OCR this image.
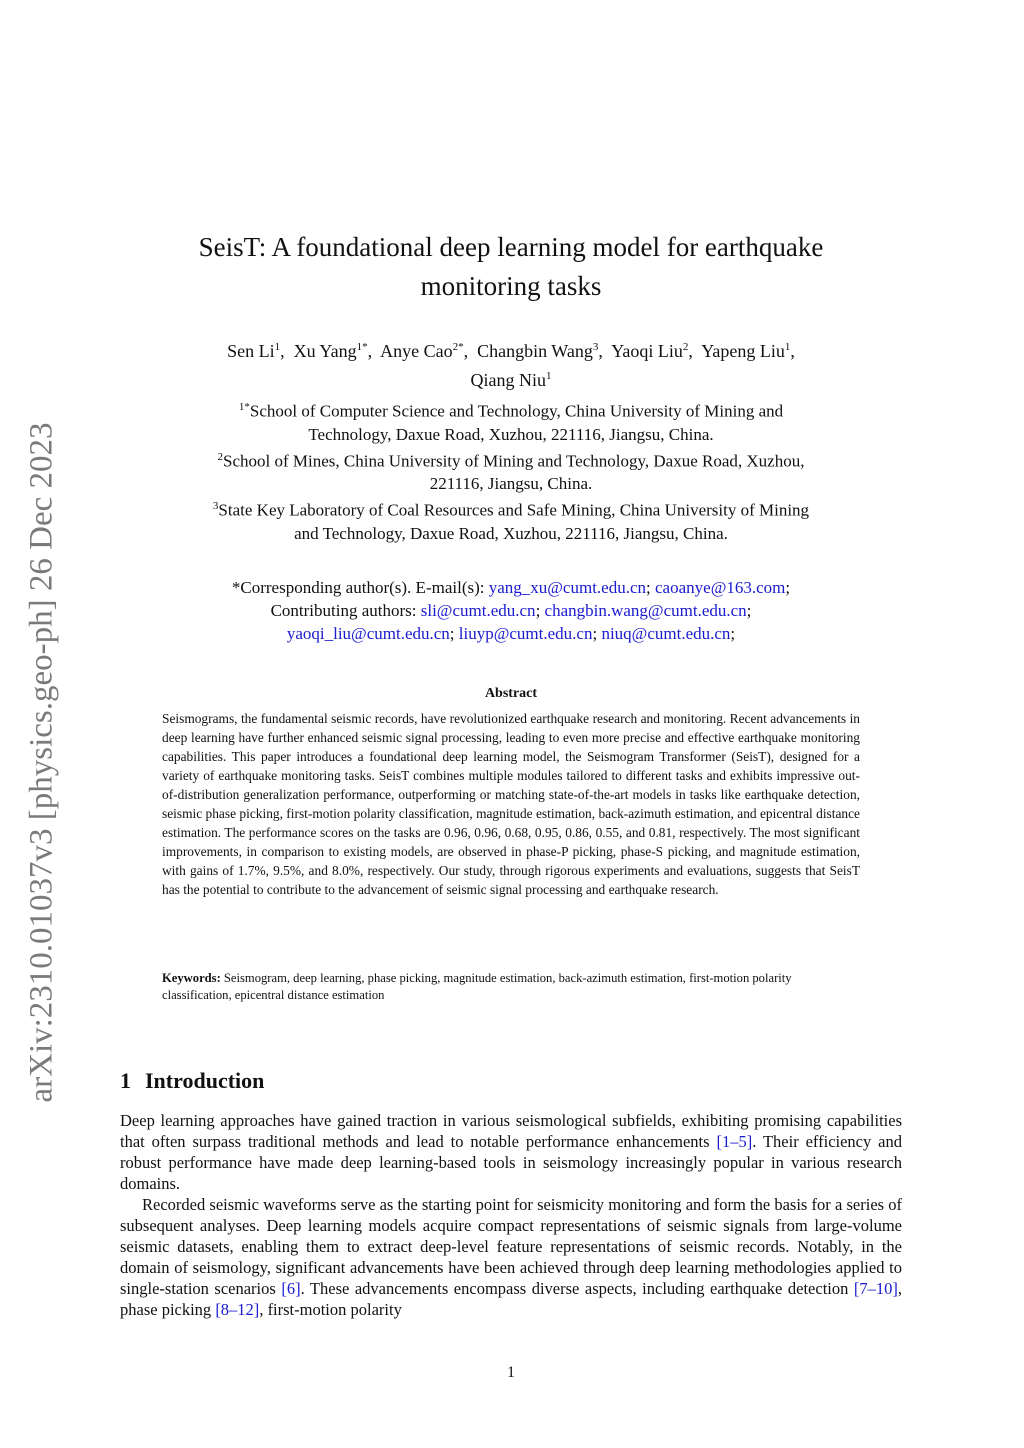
arXiv:2310.01037v3 [physics.geo-ph] 26 Dec 2023
SeisT: A foundational deep learning model for earthquake
monitoring tasks
Sen Li$^1$,  Xu Yang$^{1*}$,  Anye Cao$^{2*}$,  Changbin Wang$^3$,  Yaoqi Liu$^2$,  Yapeng Liu$^1$,
Qiang Niu$^1$
$^{1*}$School of Computer Science and Technology, China University of Mining and
Technology, Daxue Road, Xuzhou, 221116, Jiangsu, China.
$^2$School of Mines, China University of Mining and Technology, Daxue Road, Xuzhou,
221116, Jiangsu, China.
$^3$State Key Laboratory of Coal Resources and Safe Mining, China University of Mining
and Technology, Daxue Road, Xuzhou, 221116, Jiangsu, China.
*Corresponding author(s). E-mail(s): yang_xu@cumt.edu.cn; caoanye@163.com;
Contributing authors: sli@cumt.edu.cn; changbin.wang@cumt.edu.cn;
yaoqi_liu@cumt.edu.cn; liuyp@cumt.edu.cn; niuq@cumt.edu.cn;
Abstract
Seismograms, the fundamental seismic records, have revolutionized earthquake research and monitoring. Recent advancements in deep learning have further enhanced seismic signal processing, leading to even more precise and effective earthquake monitoring capabilities. This paper introduces a foundational deep learning model, the Seismogram Transformer (SeisT), designed for a variety of earthquake monitoring tasks. SeisT combines multiple modules tailored to different tasks and exhibits impressive out-of-distribution generalization performance, outperforming or matching state-of-the-art models in tasks like earthquake detection, seismic phase picking, first-motion polarity classification, magnitude estimation, back-azimuth estimation, and epicentral distance estimation. The performance scores on the tasks are 0.96, 0.96, 0.68, 0.95, 0.86, 0.55, and 0.81, respectively. The most significant improvements, in comparison to existing models, are observed in phase-P picking, phase-S picking, and magnitude estimation, with gains of 1.7%, 9.5%, and 8.0%, respectively. Our study, through rigorous experiments and evaluations, suggests that SeisT has the potential to contribute to the advancement of seismic signal processing and earthquake research.
Keywords: Seismogram, deep learning, phase picking, magnitude estimation, back-azimuth estimation, first-motion polarity classification, epicentral distance estimation
1 Introduction

Deep learning approaches have gained traction in various seismological subfields, exhibiting promising capabilities that often surpass traditional methods and lead to notable performance enhancements [1–5]. Their efficiency and robust performance have made deep learning-based tools in seismology increasingly popular in various research domains.

Recorded seismic waveforms serve as the starting point for seismicity monitoring and form the basis for a series of subsequent analyses. Deep learning models acquire compact representations of seismic signals from large-volume seismic datasets, enabling them to extract deep-level feature representations of seismic records. Notably, in the domain of seismology, significant advancements have been achieved through deep learning methodologies applied to single-station scenarios [6]. These advancements encompass diverse aspects, including earthquake detection [7–10], phase picking [8–12], first-motion polarity

1
